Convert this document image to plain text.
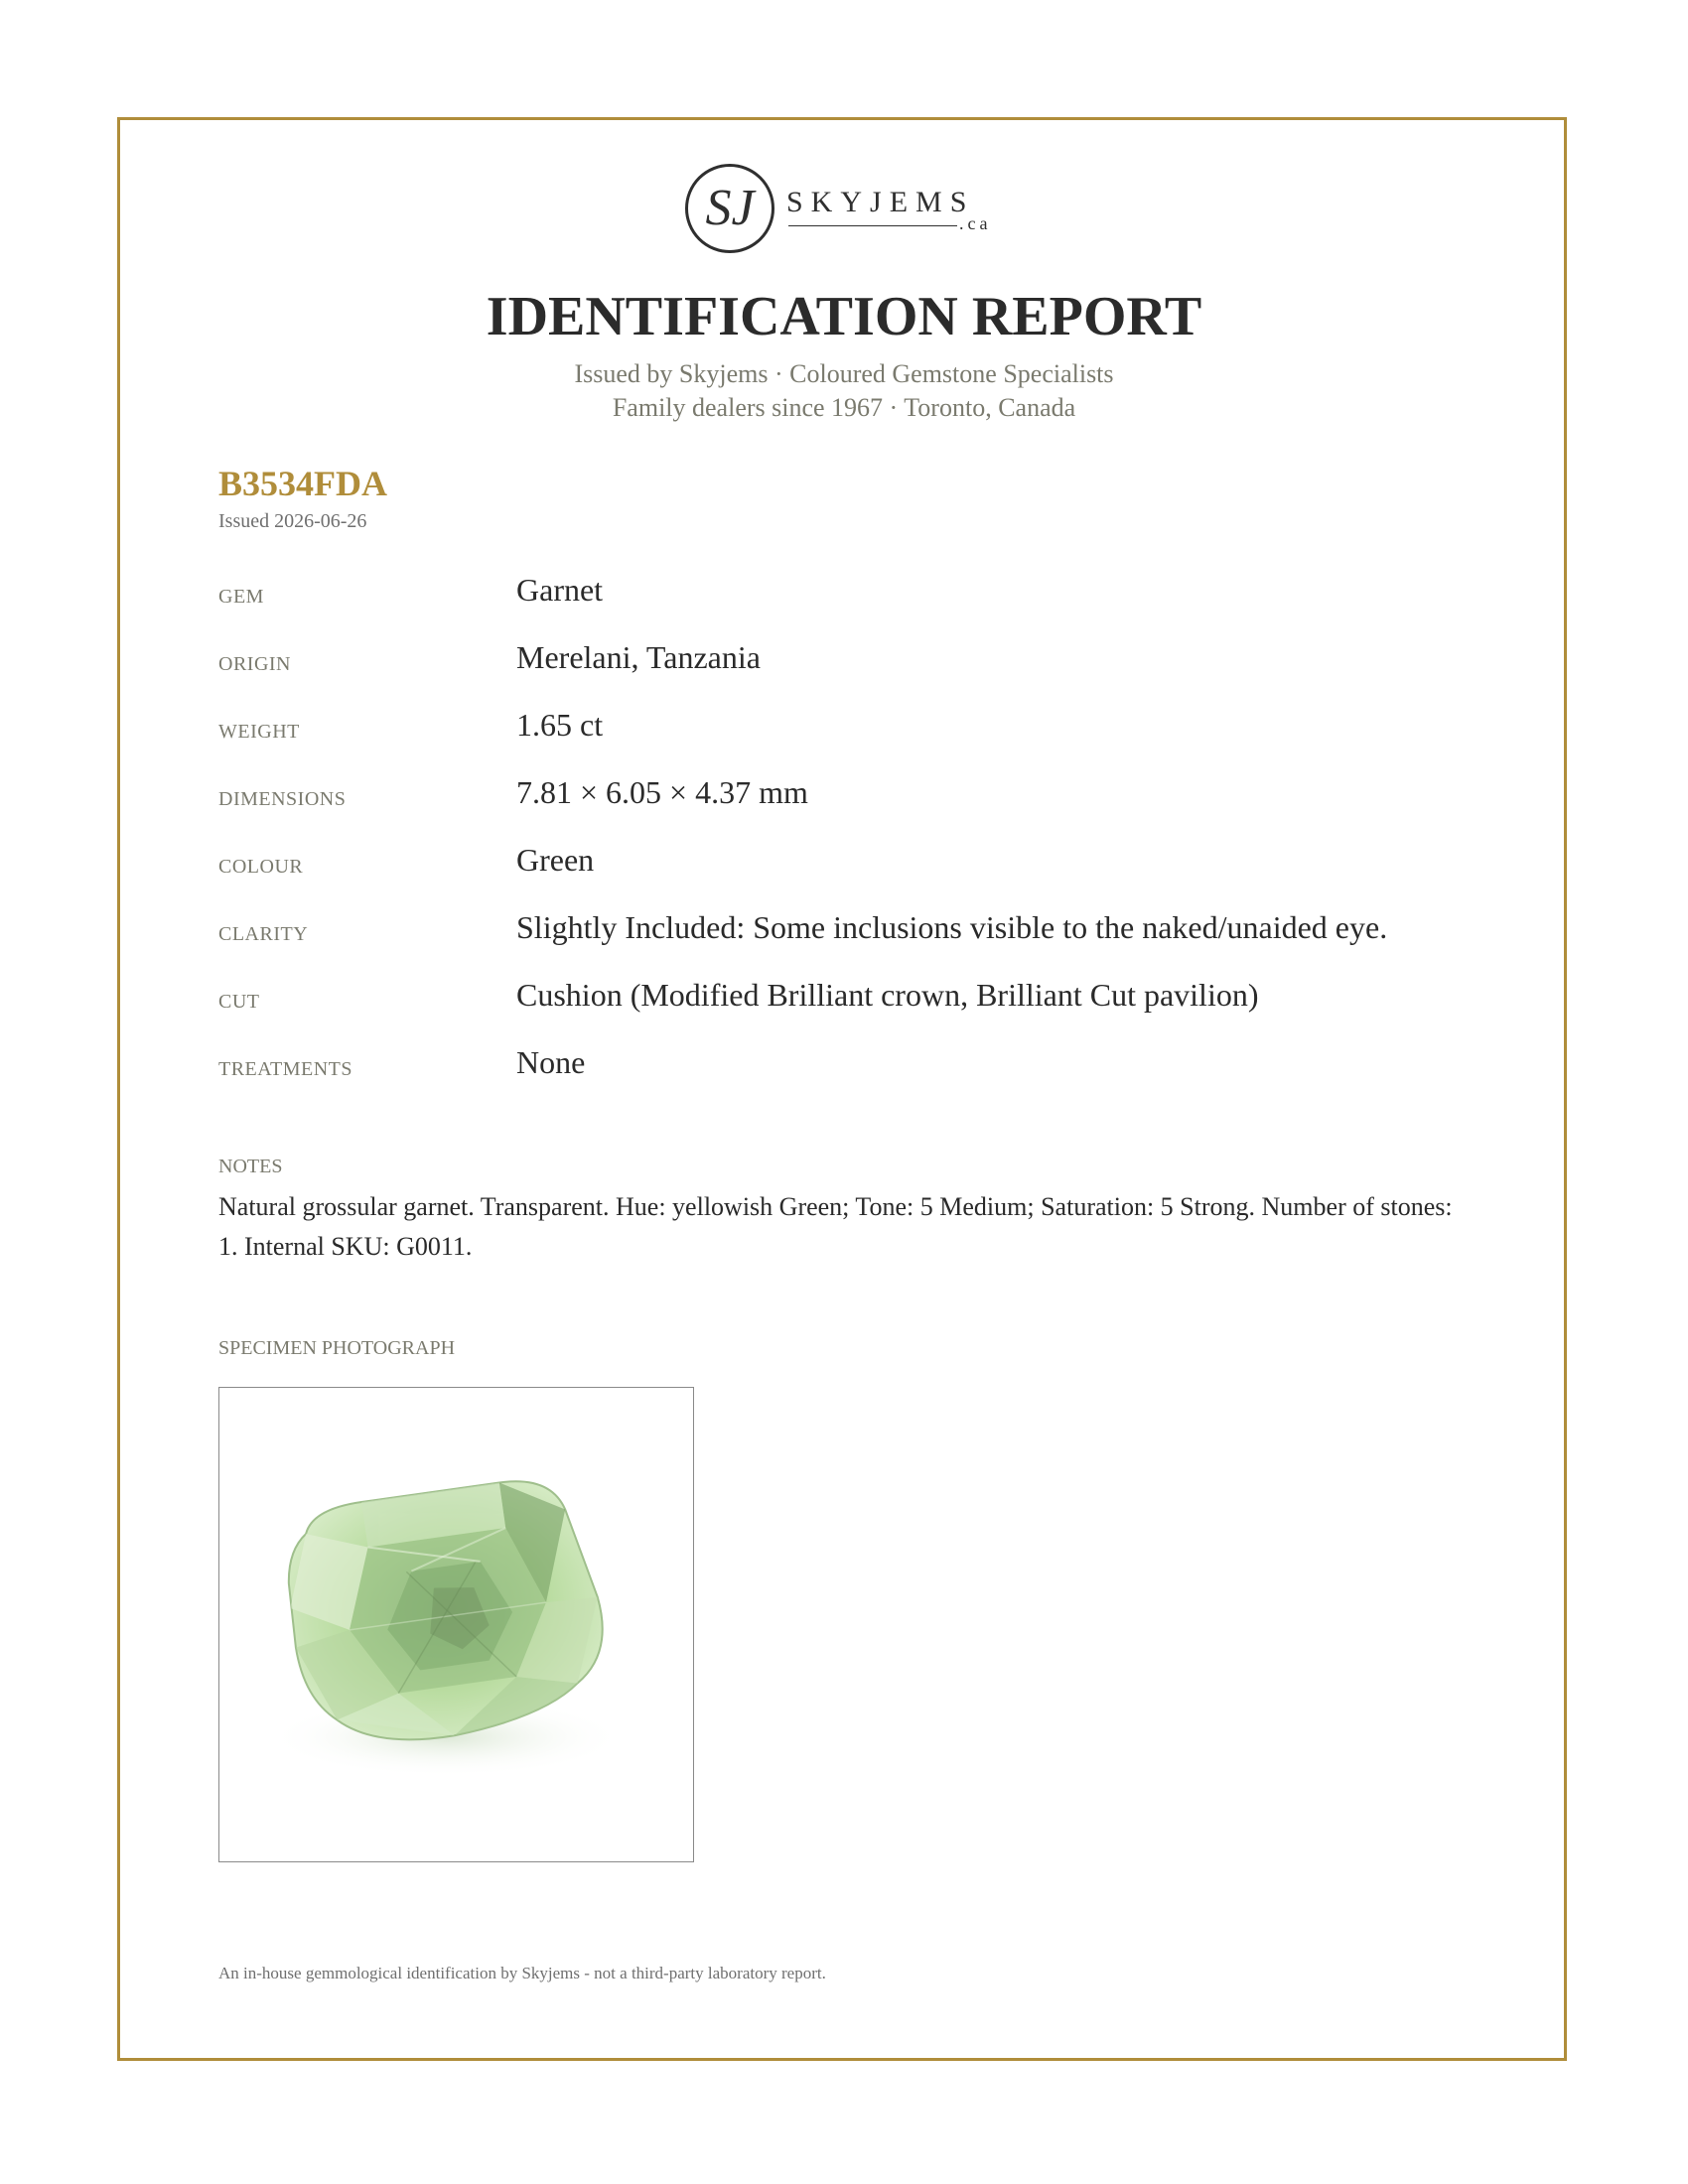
SJ	SKYJEMS
.ca
IDENTIFICATION REPORT
Issued by Skyjems · Coloured Gemstone Specialists
Family dealers since 1967 · Toronto, Canada
B3534FDA
Issued 2026-06-26
GEM	Garnet
ORIGIN	Merelani, Tanzania
WEIGHT	1.65 ct
DIMENSIONS	7.81 × 6.05 × 4.37 mm
COLOUR	Green
CLARITY	Slightly Included: Some inclusions visible to the naked/unaided eye.
CUT	Cushion (Modified Brilliant crown, Brilliant Cut pavilion)
TREATMENTS	None
NOTES
Natural grossular garnet. Transparent. Hue: yellowish Green; Tone: 5 Medium; Saturation: 5 Strong. Number of stones: 1. Internal SKU: G0011.
SPECIMEN PHOTOGRAPH
An in-house gemmological identification by Skyjems - not a third-party laboratory report.
